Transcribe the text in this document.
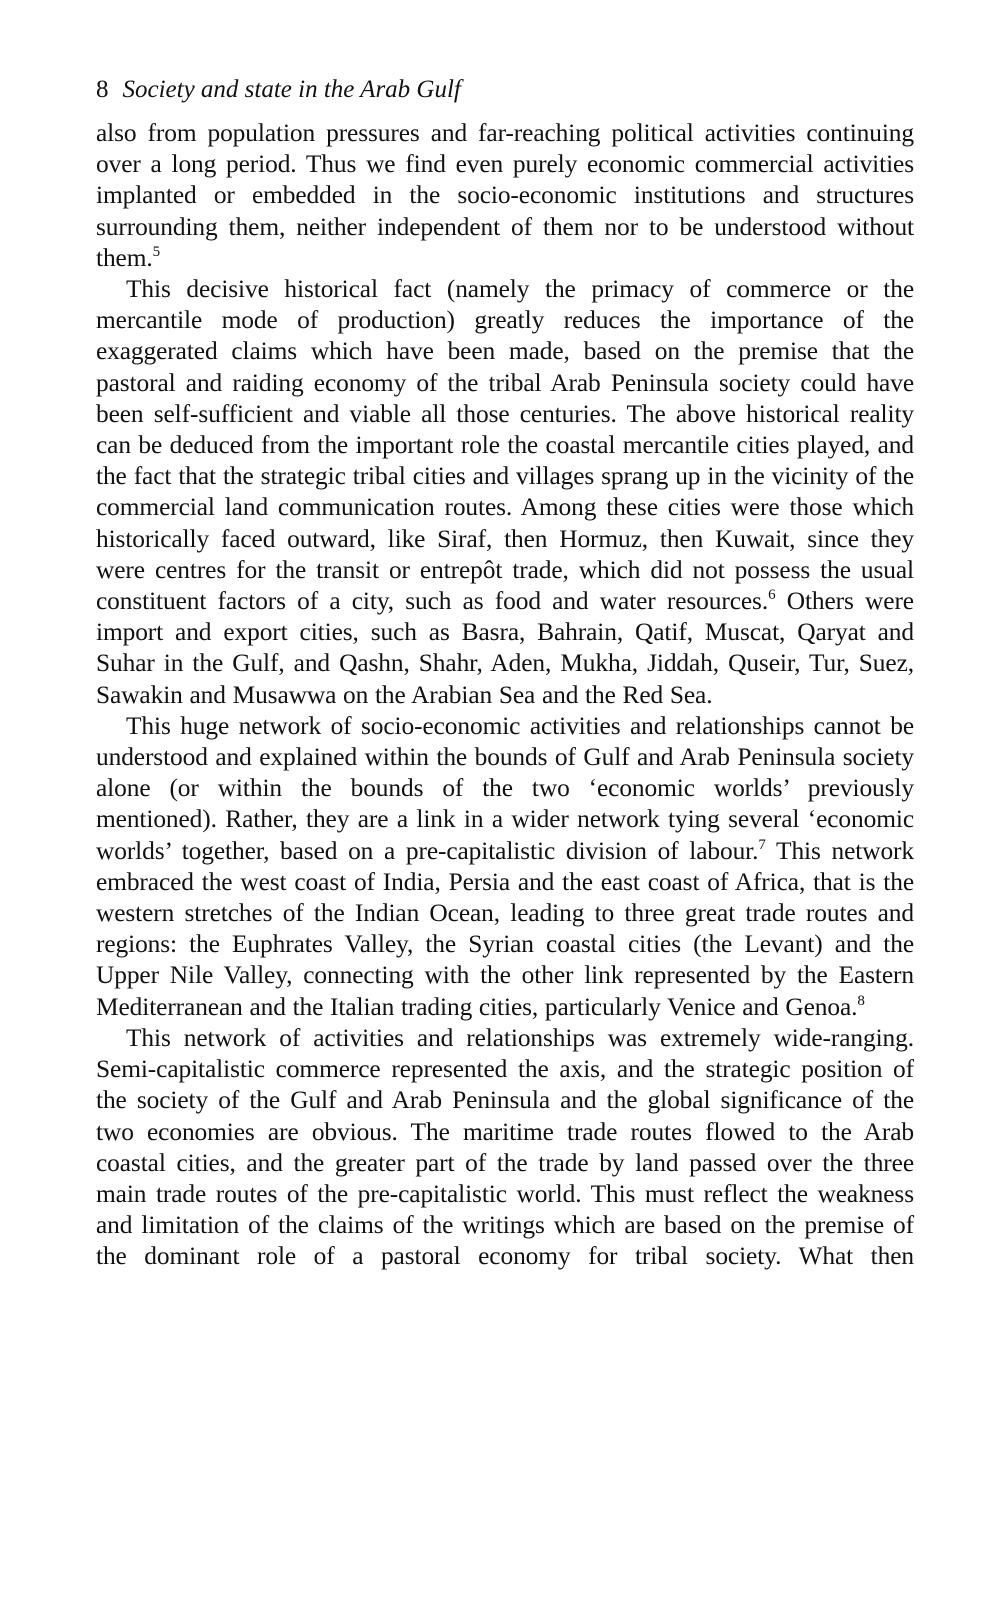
8 Society and state in the Arab Gulf

also from population pressures and far-reaching political activities continuing over a long period. Thus we find even purely economic commercial activities implanted or embedded in the socio-economic institutions and structures surrounding them, neither independent of them nor to be understood without them.$^5$

This decisive historical fact (namely the primacy of commerce or the mercantile mode of production) greatly reduces the importance of the exaggerated claims which have been made, based on the premise that the pastoral and raiding economy of the tribal Arab Peninsula society could have been self-sufficient and viable all those centuries. The above historical reality can be deduced from the important role the coastal mercantile cities played, and the fact that the strategic tribal cities and villages sprang up in the vicinity of the commercial land communication routes. Among these cities were those which historically faced outward, like Siraf, then Hormuz, then Kuwait, since they were centres for the transit or entrepôt trade, which did not possess the usual constituent factors of a city, such as food and water resources.$^6$ Others were import and export cities, such as Basra, Bahrain, Qatif, Muscat, Qaryat and Suhar in the Gulf, and Qashn, Shahr, Aden, Mukha, Jiddah, Quseir, Tur, Suez, Sawakin and Musawwa on the Arabian Sea and the Red Sea.

This huge network of socio-economic activities and relationships cannot be understood and explained within the bounds of Gulf and Arab Peninsula society alone (or within the bounds of the two ‘economic worlds’ previously mentioned). Rather, they are a link in a wider network tying several ‘economic worlds’ together, based on a pre-capitalistic division of labour.$^7$ This network embraced the west coast of India, Persia and the east coast of Africa, that is the western stretches of the Indian Ocean, leading to three great trade routes and regions: the Euphrates Valley, the Syrian coastal cities (the Levant) and the Upper Nile Valley, connecting with the other link represented by the Eastern Mediterranean and the Italian trading cities, particularly Venice and Genoa.$^8$

This network of activities and relationships was extremely wide-ranging. Semi-capitalistic commerce represented the axis, and the strategic position of the society of the Gulf and Arab Peninsula and the global significance of the two economies are obvious. The maritime trade routes flowed to the Arab coastal cities, and the greater part of the trade by land passed over the three main trade routes of the pre-capitalistic world. This must reflect the weakness and limitation of the claims of the writings which are based on the premise of the dominant role of a pastoral economy for tribal society. What then
